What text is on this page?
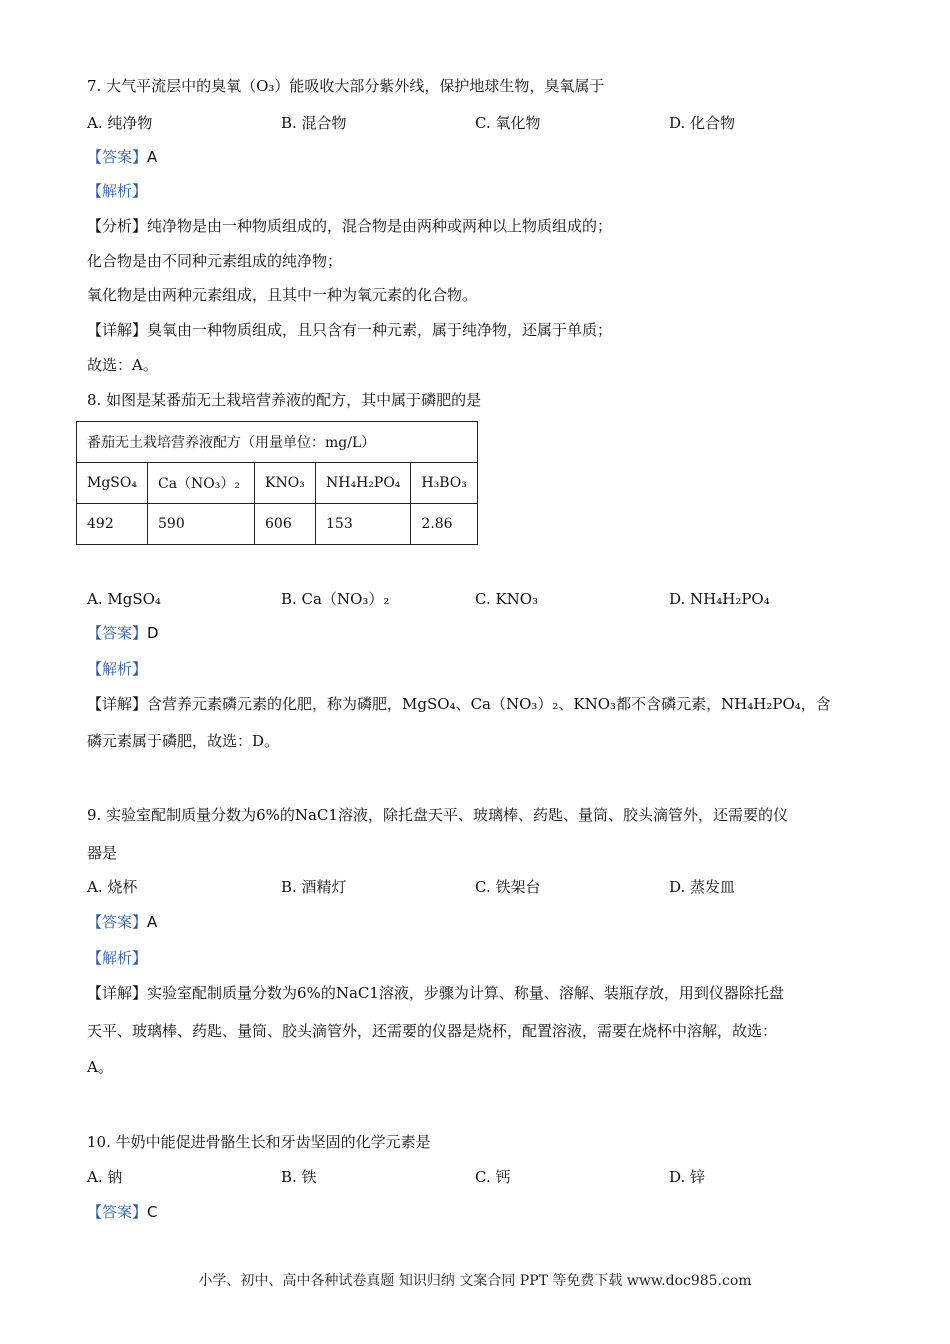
7. 大气平流层中的臭氧（O₃）能吸收大部分紫外线，保护地球生物，臭氧属于
A. 纯净物	B. 混合物	C. 氧化物	D. 化合物
【答案】A
【解析】
【分析】纯净物是由一种物质组成的，混合物是由两种或两种以上物质组成的；
化合物是由不同种元素组成的纯净物；
氧化物是由两种元素组成，且其中一种为氧元素的化合物。
【详解】臭氧由一种物质组成，且只含有一种元素，属于纯净物，还属于单质；
故选：A。
8. 如图是某番茄无土栽培营养液的配方，其中属于磷肥的是
番茄无土栽培营养液配方（用量单位：mg/L）				
MgSO₄	Ca（NO₃）₂	KNO₃	NH₄H₂PO₄	H₃BO₃
492	590	606	153	2.86
A. MgSO₄	B. Ca（NO₃）₂	C. KNO₃	D. NH₄H₂PO₄
【答案】D
【解析】
【详解】含营养元素磷元素的化肥，称为磷肥，MgSO₄、Ca（NO₃）₂、KNO₃都不含磷元素，NH₄H₂PO₄，含
磷元素属于磷肥，故选：D。
9. 实验室配制质量分数为6%的NaC1溶液，除托盘天平、玻璃棒、药匙、量筒、胶头滴管外，还需要的仪
器是
A. 烧杯	B. 酒精灯	C. 铁架台	D. 蒸发皿
【答案】A
【解析】
【详解】实验室配制质量分数为6%的NaC1溶液，步骤为计算、称量、溶解、装瓶存放，用到仪器除托盘
天平、玻璃棒、药匙、量筒、胶头滴管外，还需要的仪器是烧杯，配置溶液，需要在烧杯中溶解，故选：
A。
10. 牛奶中能促进骨骼生长和牙齿坚固的化学元素是
A. 钠	B. 铁	C. 钙	D. 锌
【答案】C
小学、初中、高中各种试卷真题 知识归纳 文案合同 PPT 等免费下载 www.doc985.com
